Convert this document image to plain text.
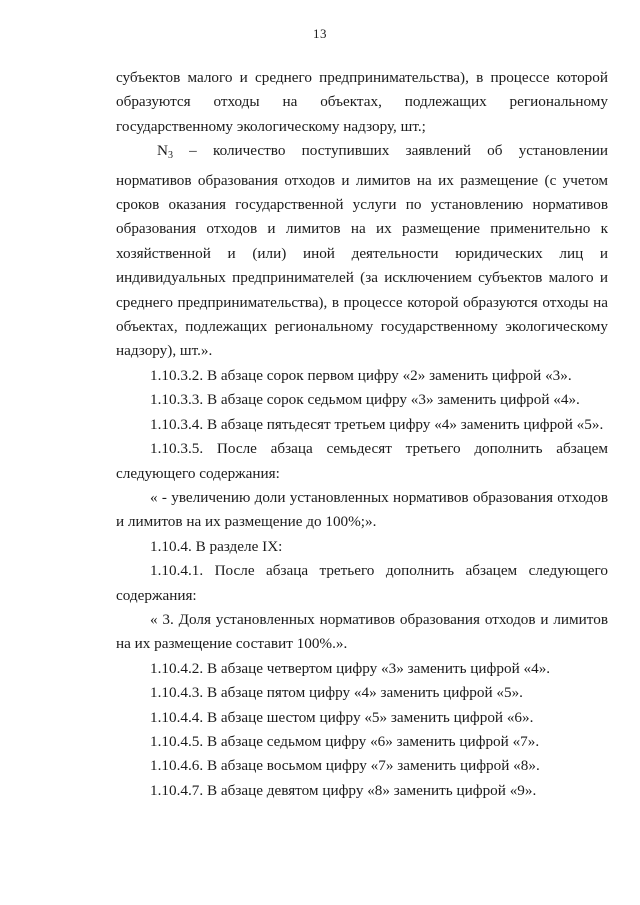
13

субъектов малого и среднего предпринимательства), в процессе которой образуются отходы на объектах, подлежащих региональному государственному экологическому надзору, шт.;

$N_3$ – количество поступивших заявлений об установлении нормативов образования отходов и лимитов на их размещение (с учетом сроков оказания государственной услуги по установлению нормативов образования отходов и лимитов на их размещение применительно к хозяйственной и (или) иной деятельности юридических лиц и индивидуальных предпринимателей (за исключением субъектов малого и среднего предпринимательства), в процессе которой образуются отходы на объектах, подлежащих региональному государственному экологическому надзору), шт.».

1.10.3.2. В абзаце сорок первом цифру «2» заменить цифрой «3».

1.10.3.3. В абзаце сорок седьмом цифру «3» заменить цифрой «4».

1.10.3.4. В абзаце пятьдесят третьем цифру «4» заменить цифрой «5».

1.10.3.5. После абзаца семьдесят третьего дополнить абзацем следующего содержания:

« - увеличению доли установленных нормативов образования отходов и лимитов на их размещение до 100%;».

1.10.4. В разделе IX:

1.10.4.1. После абзаца третьего дополнить абзацем следующего содержания:

« 3. Доля установленных нормативов образования отходов и лимитов на их размещение составит 100%.».

1.10.4.2. В абзаце четвертом цифру «3» заменить цифрой «4».

1.10.4.3. В абзаце пятом цифру «4» заменить цифрой «5».

1.10.4.4. В абзаце шестом цифру «5» заменить цифрой «6».

1.10.4.5. В абзаце седьмом цифру «6» заменить цифрой «7».

1.10.4.6. В абзаце восьмом цифру «7» заменить цифрой «8».

1.10.4.7. В абзаце девятом цифру «8» заменить цифрой «9».
